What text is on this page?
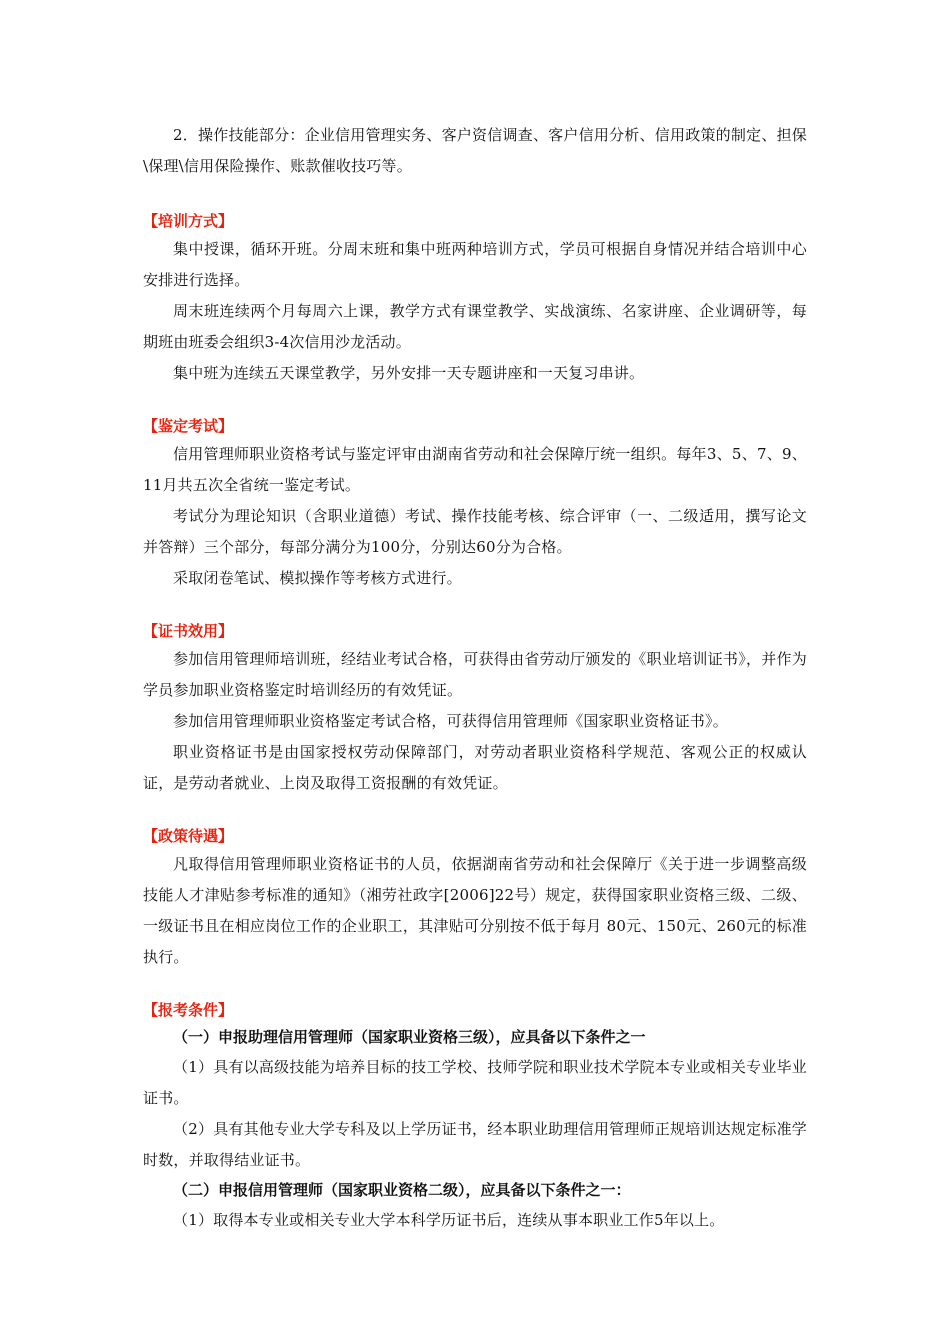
2．操作技能部分：企业信用管理实务、客户资信调查、客户信用分析、信用政策的制定、担保\保理\信用保险操作、账款催收技巧等。

【培训方式】

集中授课，循环开班。分周末班和集中班两种培训方式，学员可根据自身情况并结合培训中心安排进行选择。

周末班连续两个月每周六上课，教学方式有课堂教学、实战演练、名家讲座、企业调研等，每期班由班委会组织3-4次信用沙龙活动。

集中班为连续五天课堂教学，另外安排一天专题讲座和一天复习串讲。

【鉴定考试】

信用管理师职业资格考试与鉴定评审由湖南省劳动和社会保障厅统一组织。每年3、5、7、9、11月共五次全省统一鉴定考试。

考试分为理论知识（含职业道德）考试、操作技能考核、综合评审（一、二级适用，撰写论文并答辩）三个部分，每部分满分为100分，分别达60分为合格。

采取闭卷笔试、模拟操作等考核方式进行。

【证书效用】

参加信用管理师培训班，经结业考试合格，可获得由省劳动厅颁发的《职业培训证书》，并作为学员参加职业资格鉴定时培训经历的有效凭证。

参加信用管理师职业资格鉴定考试合格，可获得信用管理师《国家职业资格证书》。

职业资格证书是由国家授权劳动保障部门，对劳动者职业资格科学规范、客观公正的权威认证，是劳动者就业、上岗及取得工资报酬的有效凭证。

【政策待遇】

凡取得信用管理师职业资格证书的人员，依据湖南省劳动和社会保障厅《关于进一步调整高级技能人才津贴参考标准的通知》（湘劳社政字[2006]22号）规定，获得国家职业资格三级、二级、一级证书且在相应岗位工作的企业职工，其津贴可分别按不低于每月 80元、150元、260元的标准执行。

【报考条件】

（一）申报助理信用管理师（国家职业资格三级），应具备以下条件之一

（1）具有以高级技能为培养目标的技工学校、技师学院和职业技术学院本专业或相关专业毕业证书。

（2）具有其他专业大学专科及以上学历证书，经本职业助理信用管理师正规培训达规定标准学时数，并取得结业证书。

（二）申报信用管理师（国家职业资格二级），应具备以下条件之一：

（1）取得本专业或相关专业大学本科学历证书后，连续从事本职业工作5年以上。
